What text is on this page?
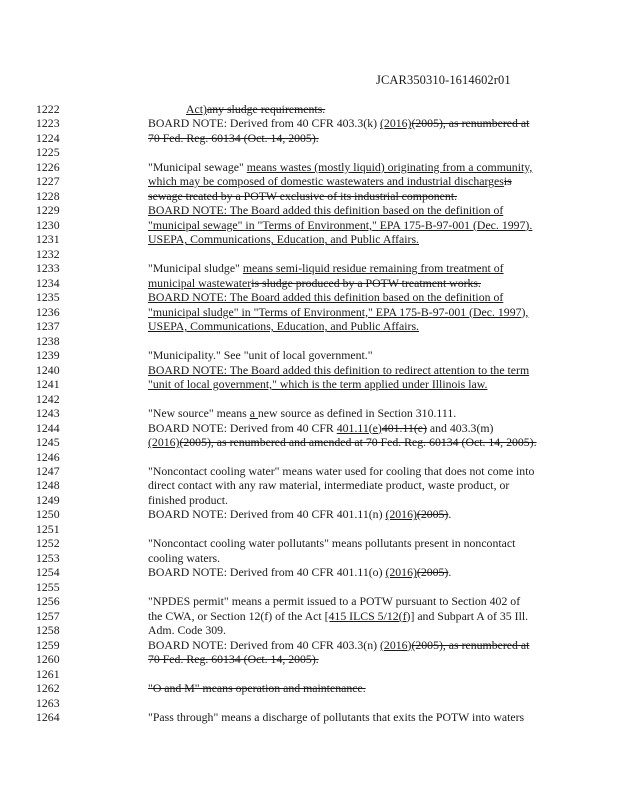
JCAR350310-1614602r01
1222	Act)any sludge requirements.
1223	BOARD NOTE: Derived from 40 CFR 403.3(k) (2016)(2005), as renumbered at
1224	70 Fed. Reg. 60134 (Oct. 14, 2005).
1225
1226	"Municipal sewage" means wastes (mostly liquid) originating from a community,
1227	which may be composed of domestic wastewaters and industrial dischargesis
1228	sewage treated by a POTW exclusive of its industrial component.
1229	BOARD NOTE: The Board added this definition based on the definition of
1230	"municipal sewage" in "Terms of Environment," EPA 175-B-97-001 (Dec. 1997).
1231	USEPA, Communications, Education, and Public Affairs.
1232
1233	"Municipal sludge" means semi-liquid residue remaining from treatment of
1234	municipal wastewateris sludge produced by a POTW treatment works.
1235	BOARD NOTE: The Board added this definition based on the definition of
1236	"municipal sludge" in "Terms of Environment," EPA 175-B-97-001 (Dec. 1997),
1237	USEPA, Communications, Education, and Public Affairs.
1238
1239	"Municipality." See "unit of local government."
1240	BOARD NOTE: The Board added this definition to redirect attention to the term
1241	"unit of local government," which is the term applied under Illinois law.
1242
1243	"New source" means a new source as defined in Section 310.111.
1244	BOARD NOTE: Derived from 40 CFR 401.11(e)401.11(e) and 403.3(m)
1245	(2016)(2005), as renumbered and amended at 70 Fed. Reg. 60134 (Oct. 14, 2005).
1246
1247	"Noncontact cooling water" means water used for cooling that does not come into
1248	direct contact with any raw material, intermediate product, waste product, or
1249	finished product.
1250	BOARD NOTE: Derived from 40 CFR 401.11(n) (2016)(2005).
1251
1252	"Noncontact cooling water pollutants" means pollutants present in noncontact
1253	cooling waters.
1254	BOARD NOTE: Derived from 40 CFR 401.11(o) (2016)(2005).
1255
1256	"NPDES permit" means a permit issued to a POTW pursuant to Section 402 of
1257	the CWA, or Section 12(f) of the Act [415 ILCS 5/12(f)] and Subpart A of 35 Ill.
1258	Adm. Code 309.
1259	BOARD NOTE: Derived from 40 CFR 403.3(n) (2016)(2005), as renumbered at
1260	70 Fed. Reg. 60134 (Oct. 14, 2005).
1261
1262	"O and M" means operation and maintenance.
1263
1264	"Pass through" means a discharge of pollutants that exits the POTW into waters
